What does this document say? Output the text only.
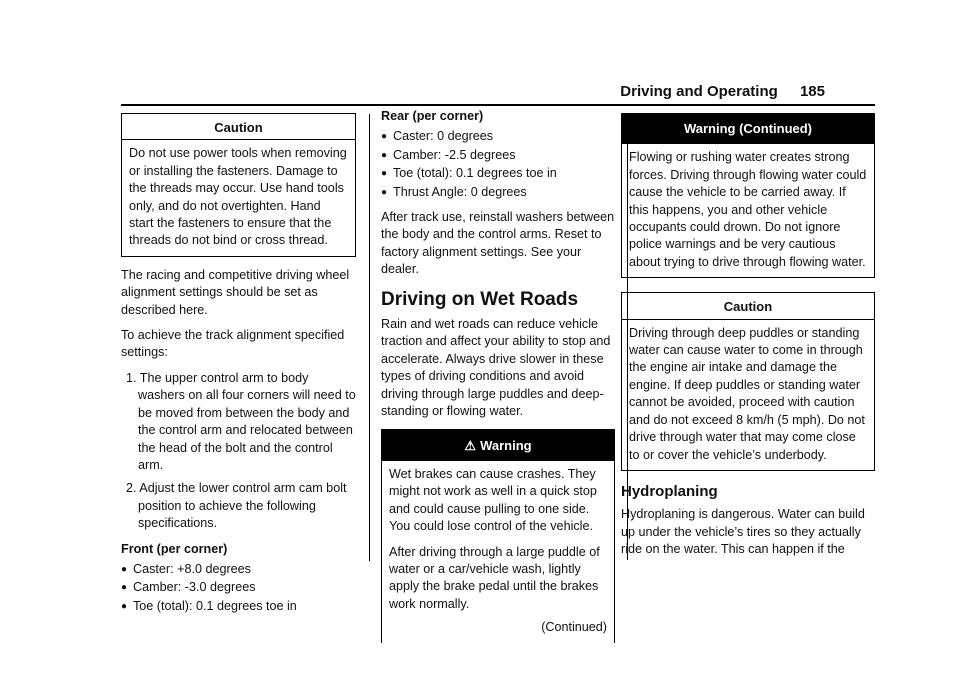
Driving and Operating 185
Caution

Do not use power tools when removing or installing the fasteners. Damage to the threads may occur. Use hand tools only, and do not overtighten. Hand start the fasteners to ensure that the threads do not bind or cross thread.

The racing and competitive driving wheel alignment settings should be set as described here.

To achieve the track alignment specified settings:

1. The upper control arm to body washers on all four corners will need to be moved from between the body and the control arm and relocated between the head of the bolt and the control arm.
2. Adjust the lower control arm cam bolt position to achieve the following specifications.

Front (per corner)

● Caster: +8.0 degrees
● Camber: -3.0 degrees
● Toe (total): 0.1 degrees toe in

Rear (per corner)

● Caster: 0 degrees
● Camber: -2.5 degrees
● Toe (total): 0.1 degrees toe in
● Thrust Angle: 0 degrees

After track use, reinstall washers between the body and the control arms. Reset to factory alignment settings. See your dealer.

Driving on Wet Roads

Rain and wet roads can reduce vehicle traction and affect your ability to stop and accelerate. Always drive slower in these types of driving conditions and avoid driving through large puddles and deep-standing or flowing water.

⚠ Warning

Wet brakes can cause crashes. They might not work as well in a quick stop and could cause pulling to one side. You could lose control of the vehicle.

After driving through a large puddle of water or a car/vehicle wash, lightly apply the brake pedal until the brakes work normally.

(Continued)
Warning (Continued)

Flowing or rushing water creates strong forces. Driving through flowing water could cause the vehicle to be carried away. If this happens, you and other vehicle occupants could drown. Do not ignore police warnings and be very cautious about trying to drive through flowing water.

Caution

Driving through deep puddles or standing water can cause water to come in through the engine air intake and damage the engine. If deep puddles or standing water cannot be avoided, proceed with caution and do not exceed 8 km/h (5 mph). Do not drive through water that may come close to or cover the vehicle’s underbody.

Hydroplaning

Hydroplaning is dangerous. Water can build up under the vehicle’s tires so they actually ride on the water. This can happen if the
